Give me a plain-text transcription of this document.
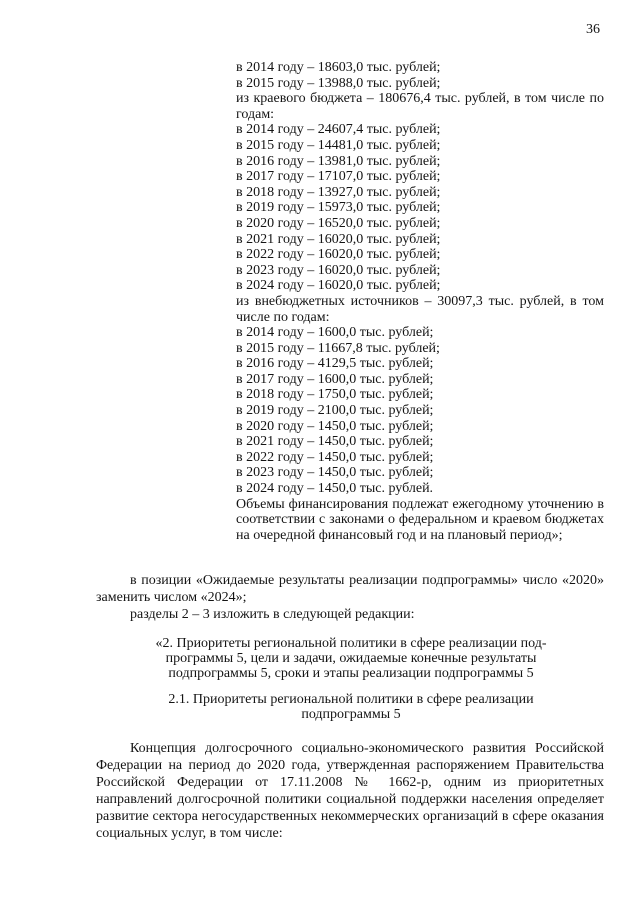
36
в 2014 году – 18603,0 тыс. рублей;
в 2015 году – 13988,0 тыс. рублей;
из краевого бюджета – 180676,4 тыс. рублей, в том числе по годам:
в 2014 году – 24607,4 тыс. рублей;
в 2015 году – 14481,0 тыс. рублей;
в 2016 году – 13981,0 тыс. рублей;
в 2017 году – 17107,0 тыс. рублей;
в 2018 году – 13927,0 тыс. рублей;
в 2019 году – 15973,0 тыс. рублей;
в 2020 году – 16520,0 тыс. рублей;
в 2021 году – 16020,0 тыс. рублей;
в 2022 году – 16020,0 тыс. рублей;
в 2023 году – 16020,0 тыс. рублей;
в 2024 году – 16020,0 тыс. рублей;
из внебюджетных источников – 30097,3 тыс. рублей, в том числе по годам:
в 2014 году – 1600,0 тыс. рублей;
в 2015 году – 11667,8 тыс. рублей;
в 2016 году – 4129,5 тыс. рублей;
в 2017 году – 1600,0 тыс. рублей;
в 2018 году – 1750,0 тыс. рублей;
в 2019 году – 2100,0 тыс. рублей;
в 2020 году – 1450,0 тыс. рублей;
в 2021 году – 1450,0 тыс. рублей;
в 2022 году – 1450,0 тыс. рублей;
в 2023 году – 1450,0 тыс. рублей;
в 2024 году – 1450,0 тыс. рублей.
Объемы финансирования подлежат ежегодному уточнению в соответствии с законами о федеральном и краевом бюджетах на очередной финансовый год и на плановый период»;
в позиции «Ожидаемые результаты реализации подпрограммы» число «2020» заменить числом «2024»;
разделы 2 – 3 изложить в следующей редакции:
«2. Приоритеты региональной политики в сфере реализации под-
программы 5, цели и задачи, ожидаемые конечные результаты
подпрограммы 5, сроки и этапы реализации подпрограммы 5
2.1. Приоритеты региональной политики в сфере реализации
подпрограммы 5
Концепция долгосрочного социально-экономического развития Российской Федерации на период до 2020 года, утвержденная распоряжением Правительства Российской Федерации от 17.11.2008 № 1662-р, одним из приоритетных направлений долгосрочной политики социальной поддержки населения определяет развитие сектора негосударственных некоммерческих организаций в сфере оказания социальных услуг, в том числе:
